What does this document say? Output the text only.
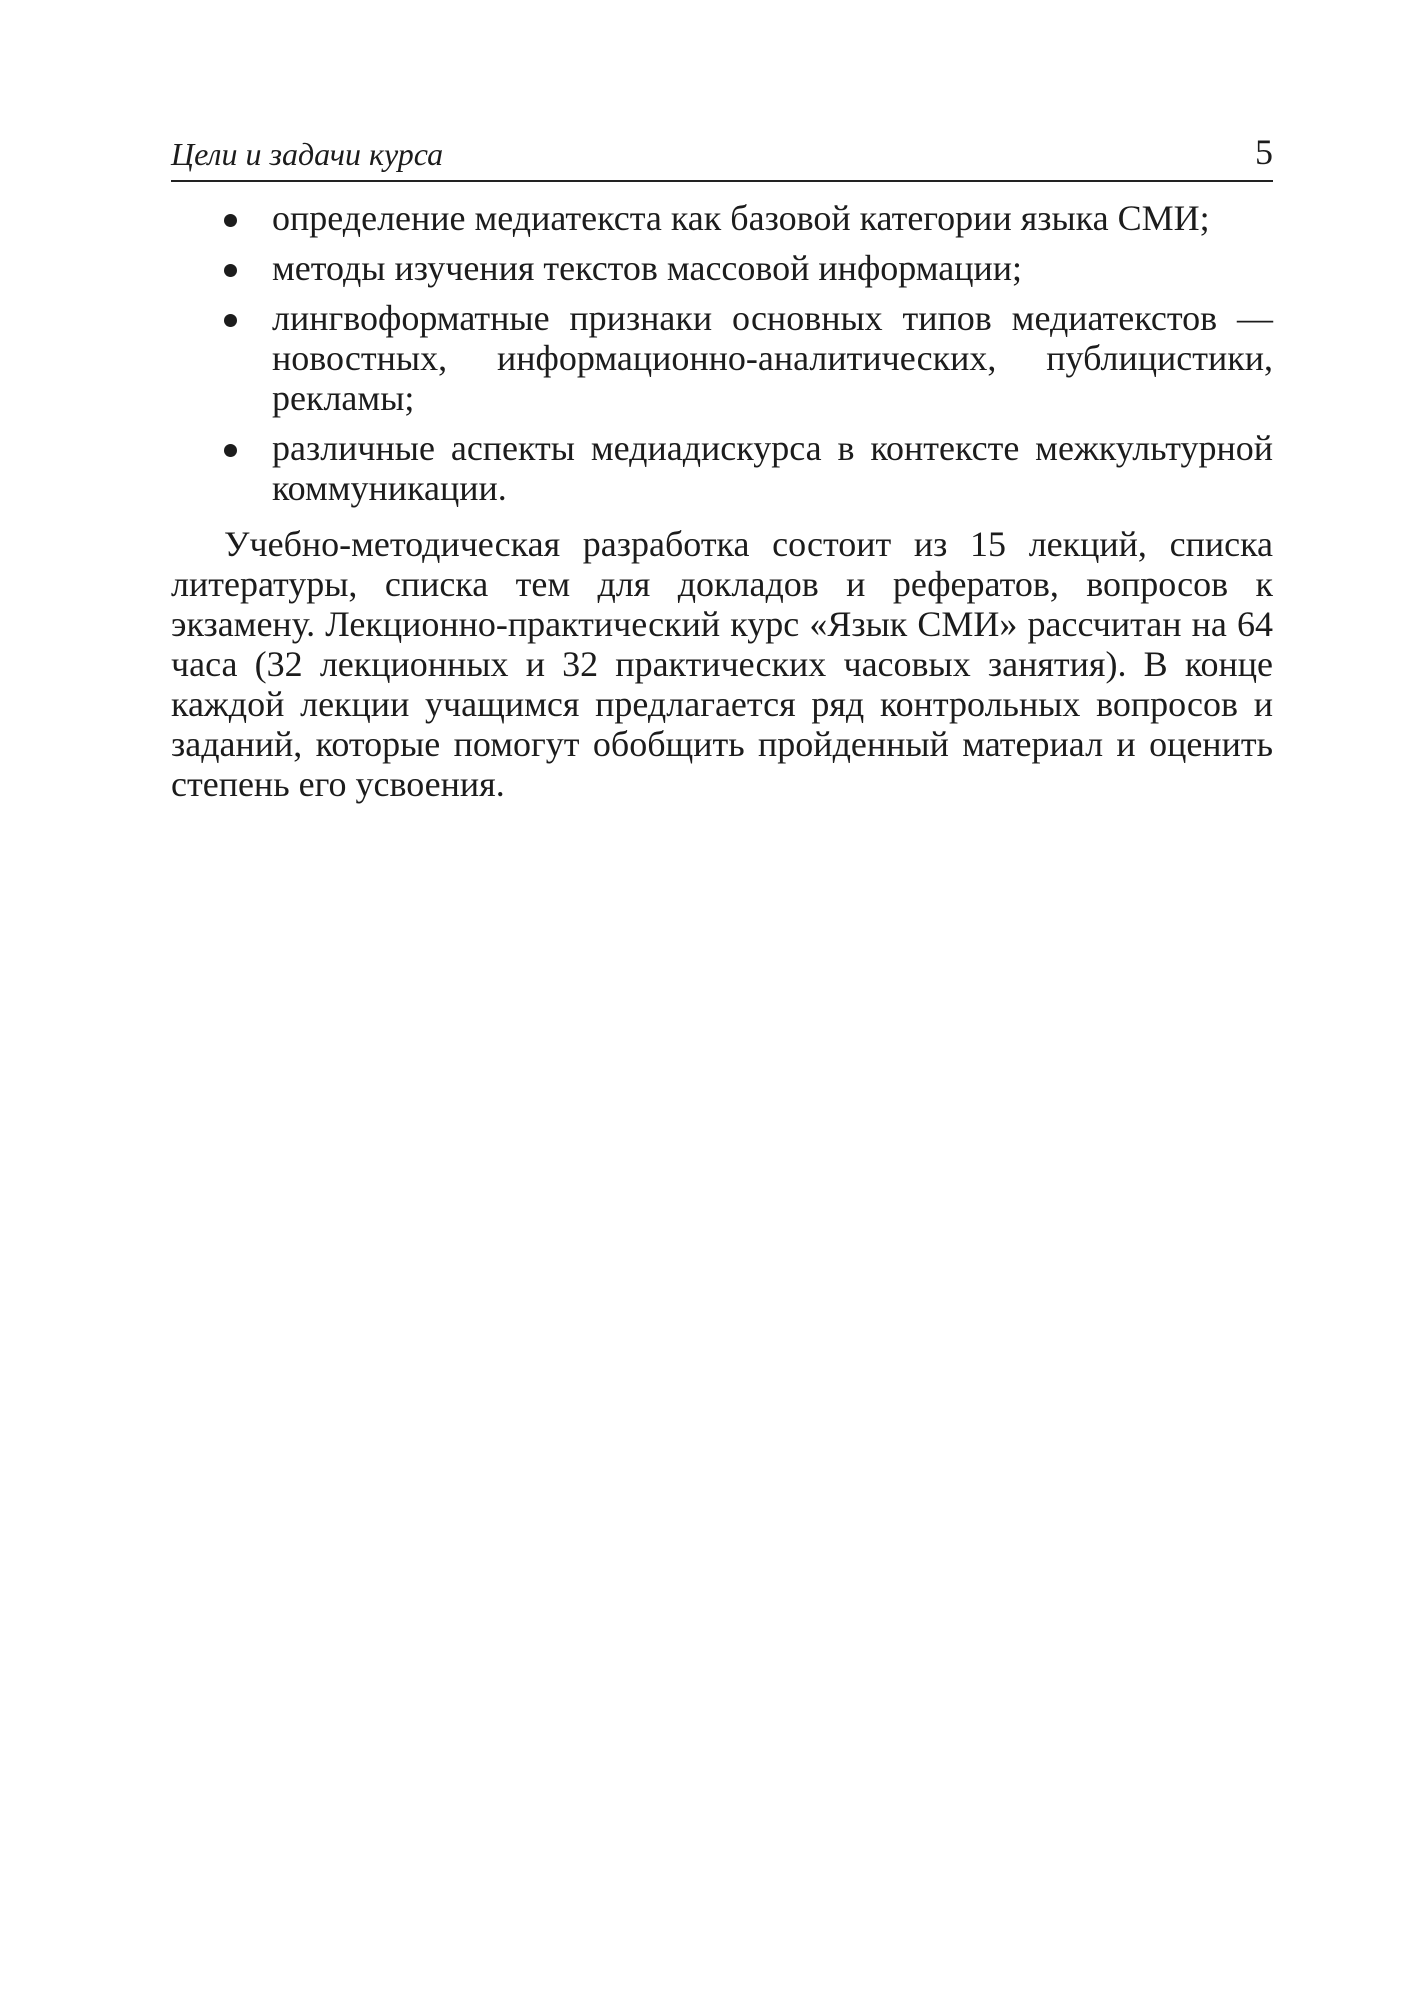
Цели и задачи курса	5
определение медиатекста как базовой категории языка СМИ;
методы изучения текстов массовой информации;
лингвоформатные признаки основных типов медиатекстов — новостных, информационно-аналитических, публицистики, рекламы;
различные аспекты медиадискурса в контексте межкультурной коммуникации.

Учебно-методическая разработка состоит из 15 лекций, списка литературы, списка тем для докладов и рефератов, вопросов к экзамену. Лекционно-практический курс «Язык СМИ» рассчитан на 64 часа (32 лекционных и 32 практических часовых занятия). В конце каждой лекции учащимся предлагается ряд контрольных вопросов и заданий, которые помогут обобщить пройденный материал и оценить степень его усвоения.
